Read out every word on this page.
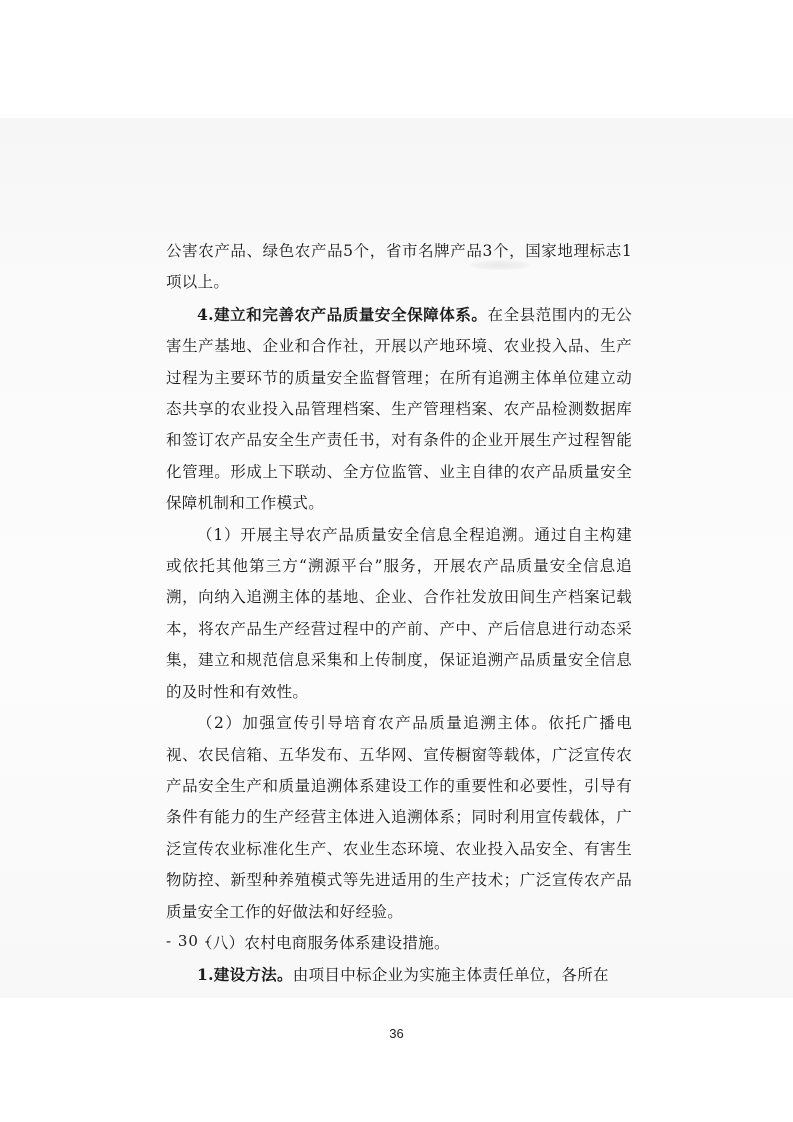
公害农产品、绿色农产品5个，省市名牌产品3个，国家地理标志1项以上。

4.建立和完善农产品质量安全保障体系。在全县范围内的无公害生产基地、企业和合作社，开展以产地环境、农业投入品、生产过程为主要环节的质量安全监督管理；在所有追溯主体单位建立动态共享的农业投入品管理档案、生产管理档案、农产品检测数据库和签订农产品安全生产责任书，对有条件的企业开展生产过程智能化管理。形成上下联动、全方位监管、业主自律的农产品质量安全保障机制和工作模式。

（1）开展主导农产品质量安全信息全程追溯。通过自主构建或依托其他第三方“溯源平台”服务，开展农产品质量安全信息追溯，向纳入追溯主体的基地、企业、合作社发放田间生产档案记载本，将农产品生产经营过程中的产前、产中、产后信息进行动态采集，建立和规范信息采集和上传制度，保证追溯产品质量安全信息的及时性和有效性。

（2）加强宣传引导培育农产品质量追溯主体。依托广播电视、农民信箱、五华发布、五华网、宣传橱窗等载体，广泛宣传农产品安全生产和质量追溯体系建设工作的重要性和必要性，引导有条件有能力的生产经营主体进入追溯体系；同时利用宣传载体，广泛宣传农业标准化生产、农业生态环境、农业投入品安全、有害生物防控、新型种养殖模式等先进适用的生产技术；广泛宣传农产品质量安全工作的好做法和好经验。

（八）农村电商服务体系建设措施。

1.建设方法。由项目中标企业为实施主体责任单位，各所在

- 30 -
36
